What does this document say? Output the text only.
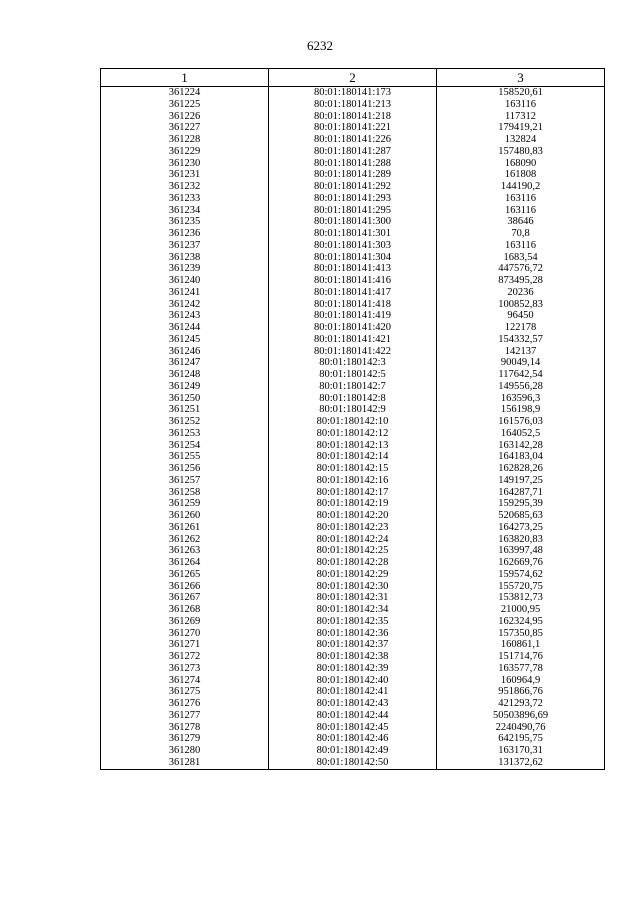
6232
1	2	3
361224	80:01:180141:173	158520,61
361225	80:01:180141:213	163116
361226	80:01:180141:218	117312
361227	80:01:180141:221	179419,21
361228	80:01:180141:226	132824
361229	80:01:180141:287	157480,83
361230	80:01:180141:288	168090
361231	80:01:180141:289	161808
361232	80:01:180141:292	144190,2
361233	80:01:180141:293	163116
361234	80:01:180141:295	163116
361235	80:01:180141:300	38646
361236	80:01:180141:301	70,8
361237	80:01:180141:303	163116
361238	80:01:180141:304	1683,54
361239	80:01:180141:413	447576,72
361240	80:01:180141:416	873495,28
361241	80:01:180141:417	20236
361242	80:01:180141:418	100852,83
361243	80:01:180141:419	96450
361244	80:01:180141:420	122178
361245	80:01:180141:421	154332,57
361246	80:01:180141:422	142137
361247	80:01:180142:3	90049,14
361248	80:01:180142:5	117642,54
361249	80:01:180142:7	149556,28
361250	80:01:180142:8	163596,3
361251	80:01:180142:9	156198,9
361252	80:01:180142:10	161576,03
361253	80:01:180142:12	164052,5
361254	80:01:180142:13	163142,28
361255	80:01:180142:14	164183,04
361256	80:01:180142:15	162828,26
361257	80:01:180142:16	149197,25
361258	80:01:180142:17	164287,71
361259	80:01:180142:19	159295,39
361260	80:01:180142:20	520685,63
361261	80:01:180142:23	164273,25
361262	80:01:180142:24	163820,83
361263	80:01:180142:25	163997,48
361264	80:01:180142:28	162669,76
361265	80:01:180142:29	159574,62
361266	80:01:180142:30	155720,75
361267	80:01:180142:31	153812,73
361268	80:01:180142:34	21000,95
361269	80:01:180142:35	162324,95
361270	80:01:180142:36	157350,85
361271	80:01:180142:37	160861,1
361272	80:01:180142:38	151714,76
361273	80:01:180142:39	163577,78
361274	80:01:180142:40	160964,9
361275	80:01:180142:41	951866,76
361276	80:01:180142:43	421293,72
361277	80:01:180142:44	50503896,69
361278	80:01:180142:45	2240490,76
361279	80:01:180142:46	642195,75
361280	80:01:180142:49	163170,31
361281	80:01:180142:50	131372,62
